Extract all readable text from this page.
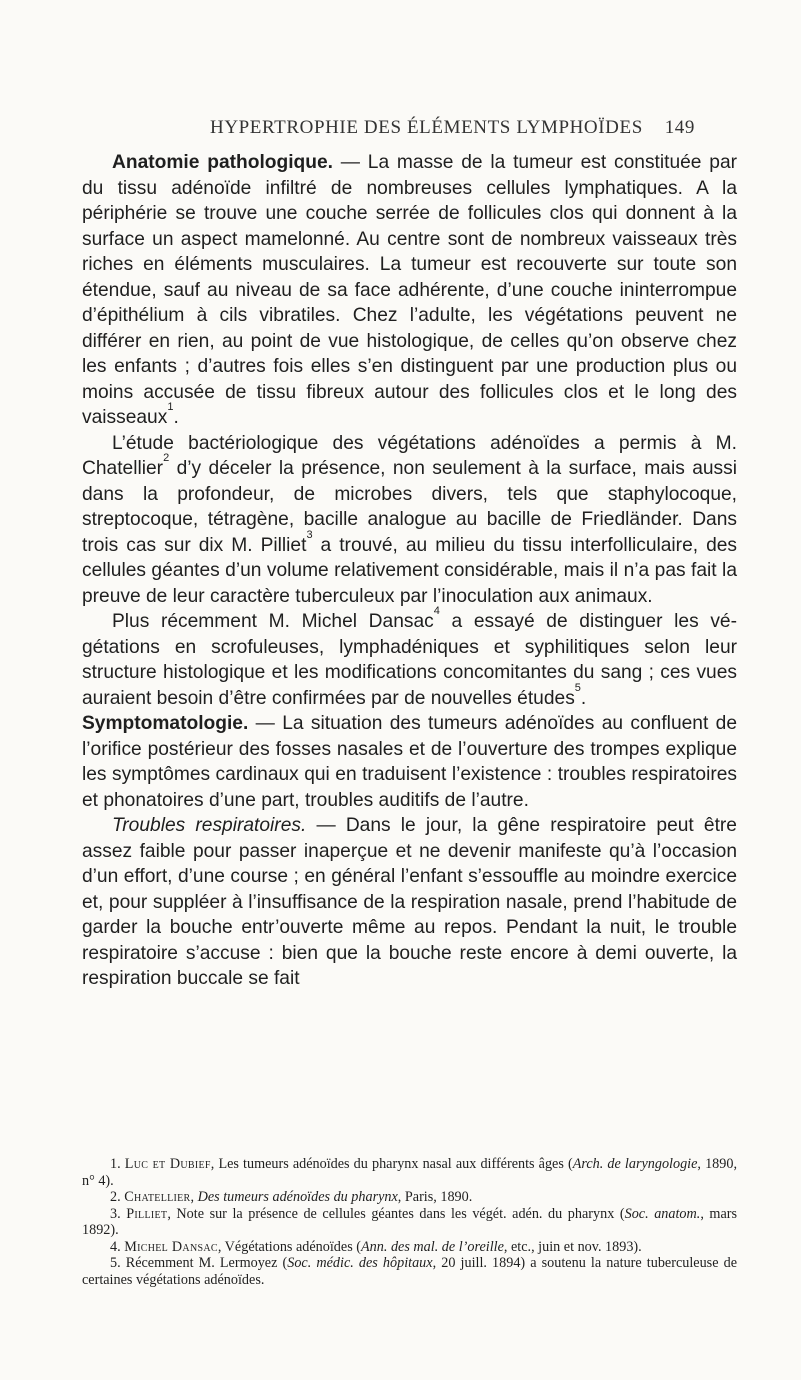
HYPERTROPHIE DES ÉLÉMENTS LYMPHOÏDES 149

Anatomie pathologique. — La masse de la tumeur est constituée par du tissu adénoïde infiltré de nombreuses cellules lymphatiques. A la périphérie se trouve une couche serrée de follicules clos qui donnent à la surface un aspect mamelonné. Au centre sont de nombreux vaisseaux très riches en éléments musculaires. La tumeur est recouverte sur toute son étendue, sauf au niveau de sa face adhérente, d’une couche ininterrompue d’épithélium à cils vibratiles. Chez l’adulte, les végétations peuvent ne différer en rien, au point de vue histologique, de celles qu’on observe chez les enfants ; d’autres fois elles s’en distinguent par une production plus ou moins accusée de tissu fibreux autour des follicules clos et le long des vaisseaux$^1$.

L’étude bactériologique des végétations adénoïdes a permis à M. Chatellier$^2$ d’y déceler la présence, non seulement à la surface, mais aussi dans la profondeur, de microbes divers, tels que staphylocoque, streptocoque, tétragène, bacille analogue au bacille de Friedländer. Dans trois cas sur dix M. Pilliet$^3$ a trouvé, au milieu du tissu interfolliculaire, des cellules géantes d’un volume relativement considérable, mais il n’a pas fait la preuve de leur caractère tuberculeux par l’inoculation aux animaux.

Plus récemment M. Michel Dansac$^4$ a essayé de distinguer les végétations en scrofuleuses, lymphadéniques et syphilitiques selon leur structure histologique et les modifications concomitantes du sang ; ces vues auraient besoin d’être confirmées par de nouvelles études$^5$.

Symptomatologie. — La situation des tumeurs adénoïdes au confluent de l’orifice postérieur des fosses nasales et de l’ouverture des trompes explique les symptômes cardinaux qui en traduisent l’existence : troubles respiratoires et phonatoires d’une part, troubles auditifs de l’autre.

Troubles respiratoires. — Dans le jour, la gêne respiratoire peut être assez faible pour passer inaperçue et ne devenir manifeste qu’à l’occasion d’un effort, d’une course ; en général l’enfant s’essouffle au moindre exercice et, pour suppléer à l’insuffisance de la respiration nasale, prend l’habitude de garder la bouche entr’ouverte même au repos. Pendant la nuit, le trouble respiratoire s’accuse : bien que la bouche reste encore à demi ouverte, la respiration buccale se fait

1. Luc et Dubief, Les tumeurs adénoïdes du pharynx nasal aux différents âges (Arch. de laryngologie, 1890, n° 4).

2. Chatellier, Des tumeurs adénoïdes du pharynx, Paris, 1890.

3. Pilliet, Note sur la présence de cellules géantes dans les végét. adén. du pharynx (Soc. anatom., mars 1892).

4. Michel Dansac, Végétations adénoïdes (Ann. des mal. de l’oreille, etc., juin et nov. 1893).

5. Récemment M. Lermoyez (Soc. médic. des hôpitaux, 20 juill. 1894) a soutenu la nature tuberculeuse de certaines végétations adénoïdes.
